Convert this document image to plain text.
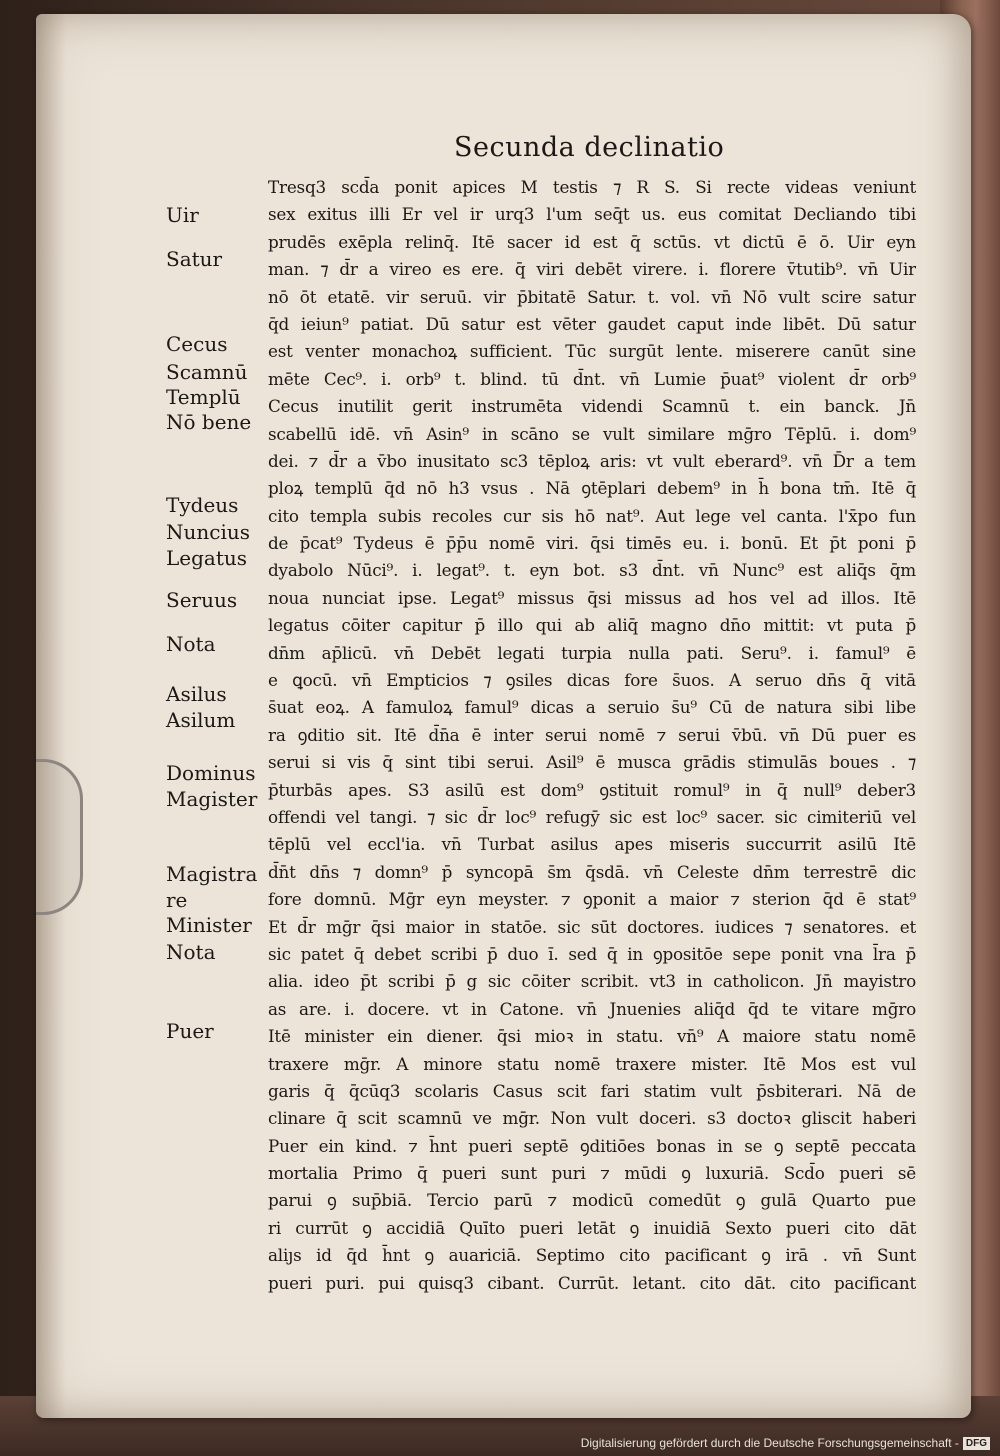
Secunda declinatio
Uir
Satur
Cecus
Scamnū
Templū
Nō bene
Tydeus
Nuncius
Legatus
Seruus
Nota
Asilus
Asilum
Dominus
Magister
Magistra
re
Minister
Nota
Puer
Tresq3 scd̄a ponit apices M testis ⁊ R S. Si recte videas veniunt
sex exitus illi Er vel ir urq3 l'um seq̄t us. eus comitat Decliando tibi
prudēs exēpla relinq̄. Itē sacer id est q̄ sctūs. vt dictū ē ō. Uir eyn
man. ⁊ d̄r a vireo es ere. q̄ viri debēt virere. i. florere v̄tutib⁹. vn̄ Uir
nō ōt etatē. vir seruū. vir p̄bitatē Satur. t. vol. vn̄ Nō vult scire satur
q̄d ieiun⁹ patiat. Dū satur est vēter gaudet caput inde libēt. Dū satur
est venter monachoꝝ sufficient. Tūc surgūt lente. miserere canūt sine
mēte Cec⁹. i. orb⁹ t. blind. tū d̄nt. vn̄ Lumie p̄uat⁹ violent d̄r orb⁹
Cecus inutilit gerit instrumēta videndi Scamnū t. ein banck. Jn̄
scabellū idē. vn̄ Asin⁹ in scāno se vult similare mḡro Tēplū. i. dom⁹
dei. ⁊ d̄r a v̄bo inusitato sc3 tēploꝝ aris: vt vult eberard⁹. vn̄ D̄r a tem
ploꝝ templū q̄d nō h3 vsus . Nā ꝯtēplari debem⁹ in h̄ bona tm̄. Itē q̄
cito templa subis recoles cur sis hō nat⁹. Aut lege vel canta. l'x̄po fun
de p̄cat⁹ Tydeus ē p̄p̄u nomē viri. q̄si timēs eu. i. bonū. Et p̄t poni p̄
dyabolo Nūci⁹. i. legat⁹. t. eyn bot. s3 d̄nt. vn̄ Nunc⁹ est aliq̄s q̄m
noua nunciat ipse. Legat⁹ missus q̄si missus ad hos vel ad illos. Itē
legatus cōiter capitur p̄ illo qui ab aliq̄ magno dn̄o mittit: vt puta p̄
dn̄m ap̄licū. vn̄ Debēt legati turpia nulla pati. Seru⁹. i. famul⁹ ē
e ꝗocū. vn̄ Empticios ⁊ ꝯsiles dicas fore s̄uos. A seruo dn̄s q̄ vitā
s̄uat eoꝝ. A famuloꝝ famul⁹ dicas a seruio s̄u⁹ Cū de natura sibi libe
ra ꝯditio sit. Itē d̄n̄a ē inter serui nomē ⁊ serui v̄bū. vn̄ Dū puer es
serui si vis q̄ sint tibi serui. Asil⁹ ē musca grādis stimulās boues . ⁊
p̄turbās apes. S3 asilū est dom⁹ ꝯstituit romul⁹ in q̄ null⁹ deber3
offendi vel tangi. ⁊ sic d̄r loc⁹ refugȳ sic est loc⁹ sacer. sic cimiteriū vel
tēplū vel eccl'ia. vn̄ Turbat asilus apes miseris succurrit asilū Itē
d̄n̄t dn̄s ⁊ domn⁹ p̄ syncopā s̄m q̄sdā. vn̄ Celeste dn̄m terrestrē dic
fore domnū. Mḡr eyn meyster. ⁊ ꝯponit a maior ⁊ sterion q̄d ē stat⁹
Et d̄r mḡr q̄si maior in statōe. sic sūt doctores. iudices ⁊ senatores. et
sic patet q̄ debet scribi p̄ duo ı̄. sed q̄ in ꝯpositōe sepe ponit vna l̄ra p̄
alia. ideo p̄t scribi p̄ g sic cōiter scribit. vt3 in catholicon. Jn̄ mayistro
as are. i. docere. vt in Catone. vn̄ Jnuenies aliq̄d q̄d te vitare mḡro
Itē minister ein diener. q̄si mioꝛ in statu. vn̄⁹ A maiore statu nomē
traxere mḡr. A minore statu nomē traxere mister. Itē Mos est vul
garis q̄ q̄cūq3 scolaris Casus scit fari statim vult p̄sbiterari. Nā de
clinare q̄ scit scamnū ve mḡr. Non vult doceri. s3 doctoꝛ gliscit haberi
Puer ein kind. ⁊ h̄nt pueri septē ꝯditiōes bonas in se ꝯ septē peccata
mortalia Primo q̄ pueri sunt puri ⁊ mūdi ꝯ luxuriā. Scd̄o pueri sē
parui ꝯ sup̄biā. Tercio parū ⁊ modicū comedūt ꝯ gulā Quarto pue
ri currūt ꝯ accidiā Quīto pueri letāt ꝯ inuidiā Sexto pueri cito dāt
aliȷs id q̄d h̄nt ꝯ auariciā. Septimo cito pacificant ꝯ irā . vn̄ Sunt
pueri puri. pui quisq3 cibant. Currūt. letant. cito dāt. cito pacificant
Digitalisierung gefördert durch die Deutsche Forschungsgemeinschaft - DFG
